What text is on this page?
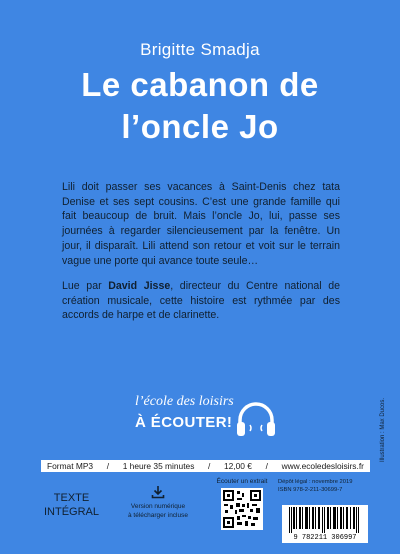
Brigitte Smadja
Le cabanon de
l’oncle Jo
Lili doit passer ses vacances à Saint-Denis chez tata Denise et ses sept cousins. C’est une grande famille qui fait beaucoup de bruit. Mais l’oncle Jo, lui, passe ses journées à regarder silencieusement par la fenêtre. Un jour, il disparaît. Lili attend son retour et voit sur le terrain vague une porte qui avance toute seule…
Lue par David Jisse, directeur du Centre national de création musicale, cette histoire est rythmée par des accords de harpe et de clarinette.
l’école des loisirs
À ÉCOUTER!
Format MP3 / 1 heure 35 minutes / 12,00 € / www.ecoledesloisirs.fr
TEXTE
INTÉGRAL	Version numérique
à télécharger incluse
Écouter un extrait	Dépôt légal : novembre 2019
ISBN 978-2-211-30699-7
9 782211 306997
Illustration : Max Ducos.
